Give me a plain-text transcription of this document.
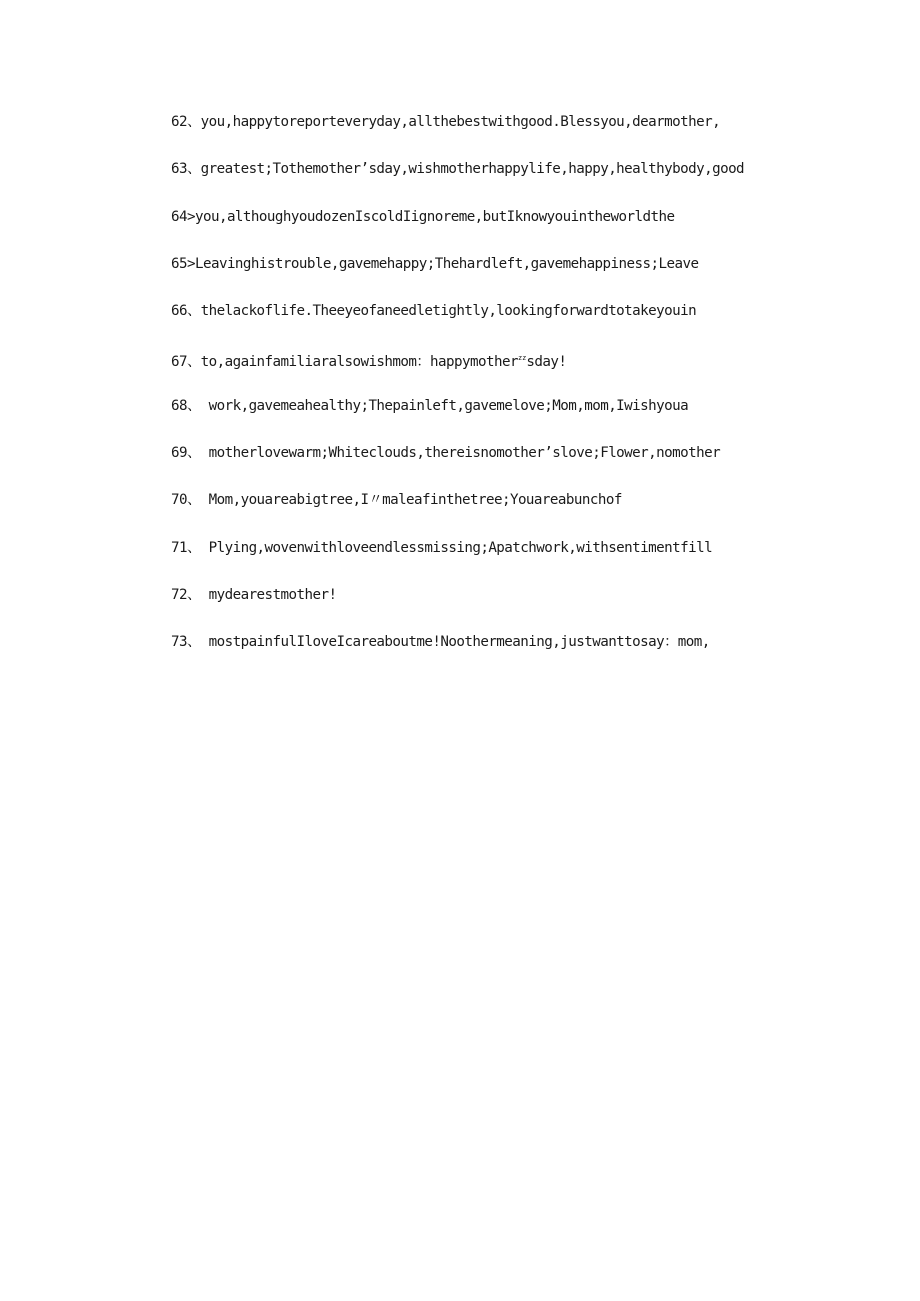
62、you,happytoreporteveryday,allthebestwithgood.Blessyou,dearmother,
63、greatest;Tothemother’sday,wishmotherhappylife,happy,healthybody,good
64>you,althoughyoudozenIscoldIignoreme,butIknowyouintheworldthe
65>Leavinghistrouble,gavemehappy;Thehardleft,gavemehappiness;Leave
66、thelackoflife.Theeyeofaneedletightly,lookingforwardtotakeyouin
67、to,againfamiliaralsowishmom：happymother$^{zz}$sday!
68、 work,gavemeahealthy;Thepainleft,gavemelove;Mom,mom,Iwishyoua
69、 motherlovewarm;Whiteclouds,thereisnomother’slove;Flower,nomother
70、 Mom,youareabigtree,I〃maleafinthetree;Youareabunchof
71、 Plying,wovenwithloveendlessmissing;Apatchwork,withsentimentfill
72、 mydearestmother!
73、 mostpainfulIloveIcareaboutme!Noothermeaning,justwanttosay：mom,
